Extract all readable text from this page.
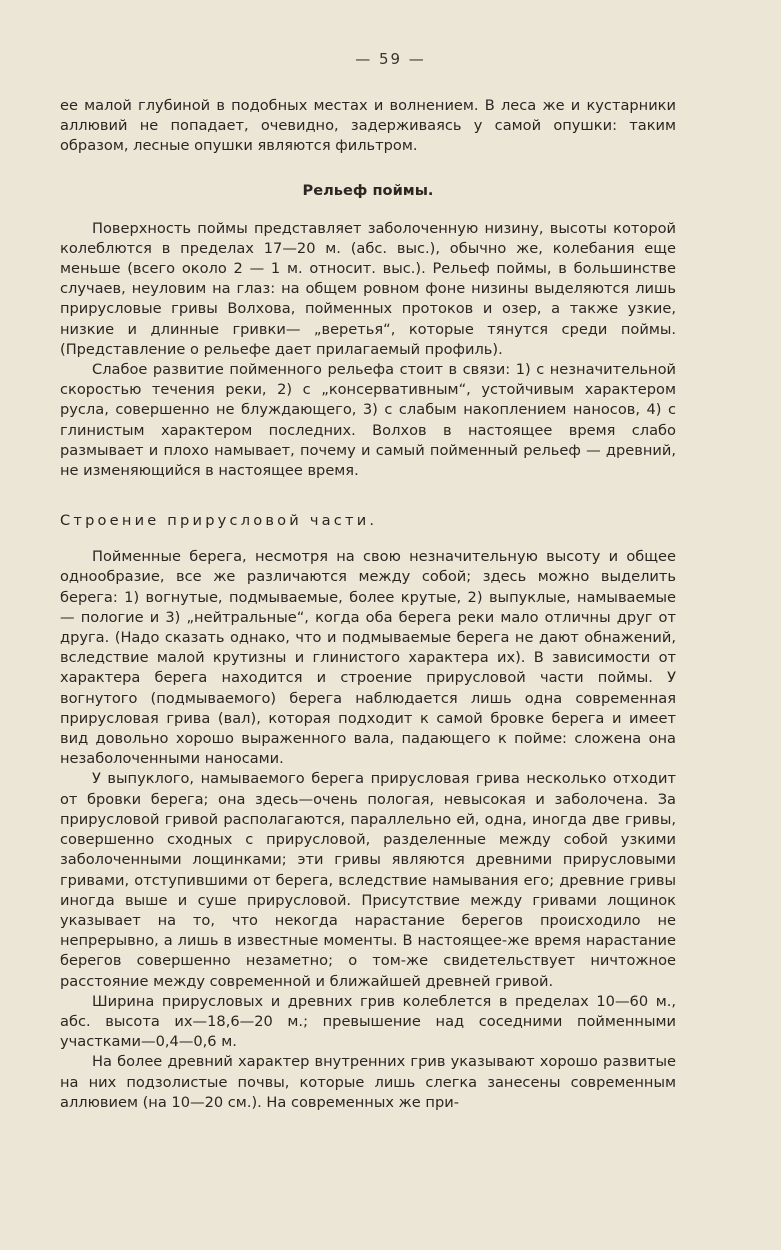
— 59 —

ее малой глубиной в подобных местах и волнением. В леса же и кустарники аллювий не попадает, очевидно, задерживаясь у самой опушки: таким образом, лесные опушки являются фильтром.

Рельеф поймы.

Поверхность поймы представляет заболоченную низину, высоты которой колеблются в пределах 17—20 м. (абс. выс.), обычно же, колебания еще меньше (всего около 2 — 1 м. относит. выс.). Рельеф поймы, в большинстве случаев, неуловим на глаз: на общем ровном фоне низины выделяются лишь прирусловые гривы Волхова, пойменных протоков и озер, а также узкие, низкие и длинные гривки— „веретья“, которые тянутся среди поймы. (Представление о рельефе дает прилагаемый профиль).

Слабое развитие пойменного рельефа стоит в связи: 1) с незначительной скоростью течения реки, 2) с „консервативным“, устойчивым характером русла, совершенно не блуждающего, 3) с слабым накоплением наносов, 4) с глинистым характером последних. Волхов в настоящее время слабо размывает и плохо намывает, почему и самый пойменный рельеф — древний, не изменяющийся в настоящее время.

Строение прирусловой части.

Пойменные берега, несмотря на свою незначительную высоту и общее однообразие, все же различаются между собой; здесь можно выделить берега: 1) вогнутые, подмываемые, более крутые, 2) выпуклые, намываемые — пологие и 3) „нейтральные“, когда оба берега реки мало отличны друг от друга. (Надо сказать однако, что и подмываемые берега не дают обнажений, вследствие малой крутизны и глинистого характера их). В зависимости от характера берега находится и строение прирусловой части поймы. У вогнутого (подмываемого) берега наблюдается лишь одна современная прирусловая грива (вал), которая подходит к самой бровке берега и имеет вид довольно хорошо выраженного вала, падающего к пойме: сложена она незаболоченными наносами.

У выпуклого, намываемого берега прирусловая грива несколько отходит от бровки берега; она здесь—очень пологая, невысокая и заболочена. За прирусловой гривой располагаются, параллельно ей, одна, иногда две гривы, совершенно сходных с прирусловой, разделенные между собой узкими заболоченными лощинками; эти гривы являются древними прирусловыми гривами, отступившими от берега, вследствие намывания его; древние гривы иногда выше и суше прирусловой. Присутствие между гривами лощинок указывает на то, что некогда нарастание берегов происходило не непрерывно, а лишь в известные моменты. В настоящее-же время нарастание берегов совершенно незаметно; о том-же свидетельствует ничтожное расстояние между современной и ближайшей древней гривой.

Ширина прирусловых и древних грив колеблется в пределах 10—60 м., абс. высота их—18,6—20 м.; превышение над соседними пойменными участками—0,4—0,6 м.

На более древний характер внутренних грив указывают хорошо развитые на них подзолистые почвы, которые лишь слегка занесены современным аллювием (на 10—20 см.). На современных же при-
